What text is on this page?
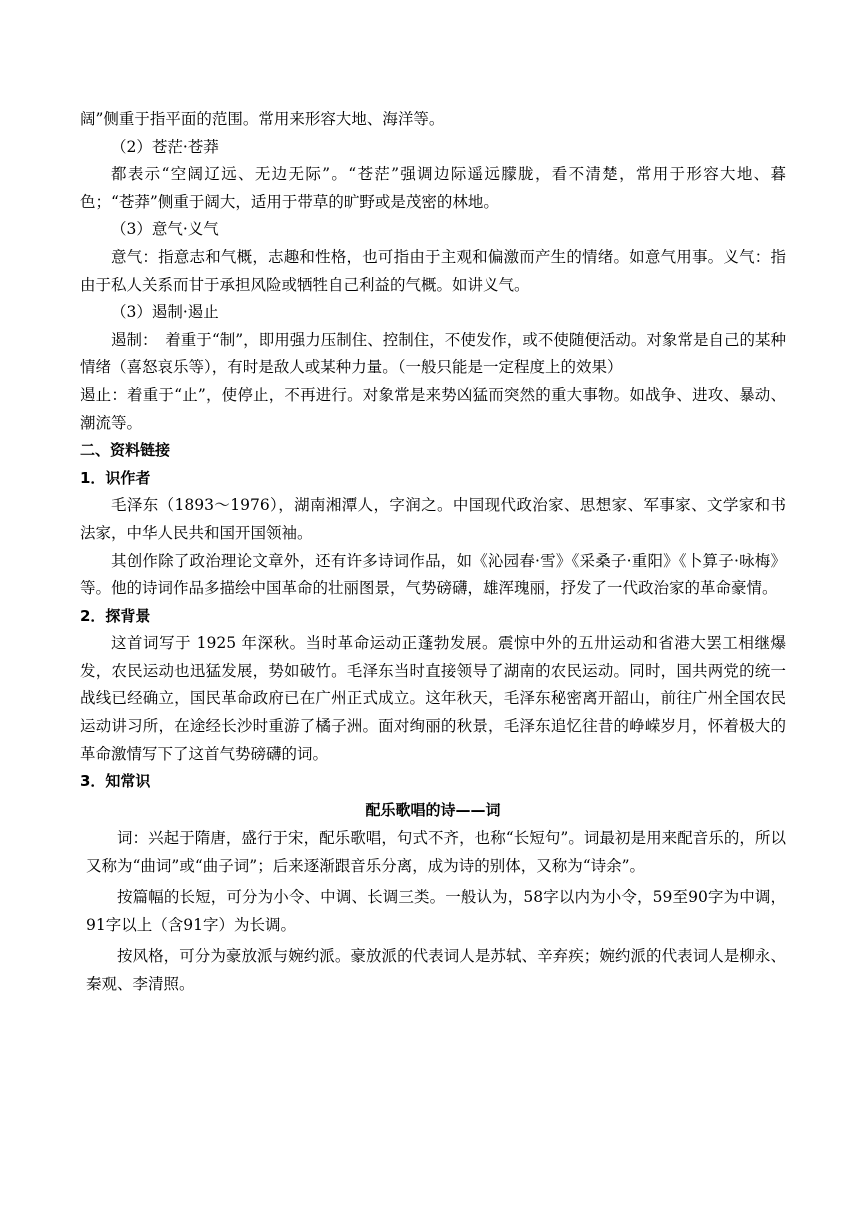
阔”侧重于指平面的范围。常用来形容大地、海洋等。

（2）苍茫·苍莽

都表示“空阔辽远、无边无际”。“苍茫”强调边际遥远朦胧，看不清楚，常用于形容大地、暮色；“苍莽”侧重于阔大，适用于带草的旷野或是茂密的林地。

（3）意气·义气

意气：指意志和气概，志趣和性格，也可指由于主观和偏激而产生的情绪。如意气用事。义气：指由于私人关系而甘于承担风险或牺牲自己利益的气概。如讲义气。

（3）遏制·遏止

遏制：　着重于“制”，即用强力压制住、控制住，不使发作，或不使随便活动。对象常是自己的某种情绪（喜怒哀乐等），有时是敌人或某种力量。（一般只能是一定程度上的效果）

遏止：着重于“止”，使停止，不再进行。对象常是来势凶猛而突然的重大事物。如战争、进攻、暴动、潮流等。

二、资料链接

1．识作者

毛泽东（1893～1976），湖南湘潭人，字润之。中国现代政治家、思想家、军事家、文学家和书法家，中华人民共和国开国领袖。

其创作除了政治理论文章外，还有许多诗词作品，如《沁园春·雪》《采桑子·重阳》《卜算子·咏梅》等。他的诗词作品多描绘中国革命的壮丽图景，气势磅礴，雄浑瑰丽，抒发了一代政治家的革命豪情。

2．探背景

这首词写于 1925 年深秋。当时革命运动正蓬勃发展。震惊中外的五卅运动和省港大罢工相继爆发，农民运动也迅猛发展，势如破竹。毛泽东当时直接领导了湖南的农民运动。同时，国共两党的统一战线已经确立，国民革命政府已在广州正式成立。这年秋天，毛泽东秘密离开韶山，前往广州全国农民运动讲习所，在途经长沙时重游了橘子洲。面对绚丽的秋景，毛泽东追忆往昔的峥嵘岁月，怀着极大的革命激情写下了这首气势磅礴的词。

3．知常识

配乐歌唱的诗——词

词：兴起于隋唐，盛行于宋，配乐歌唱，句式不齐，也称“长短句”。词最初是用来配音乐的，所以又称为“曲词”或“曲子词”；后来逐渐跟音乐分离，成为诗的别体，又称为“诗余”。

按篇幅的长短，可分为小令、中调、长调三类。一般认为，58字以内为小令，59至90字为中调，91字以上（含91字）为长调。

按风格，可分为豪放派与婉约派。豪放派的代表词人是苏轼、辛弃疾；婉约派的代表词人是柳永、秦观、李清照。
